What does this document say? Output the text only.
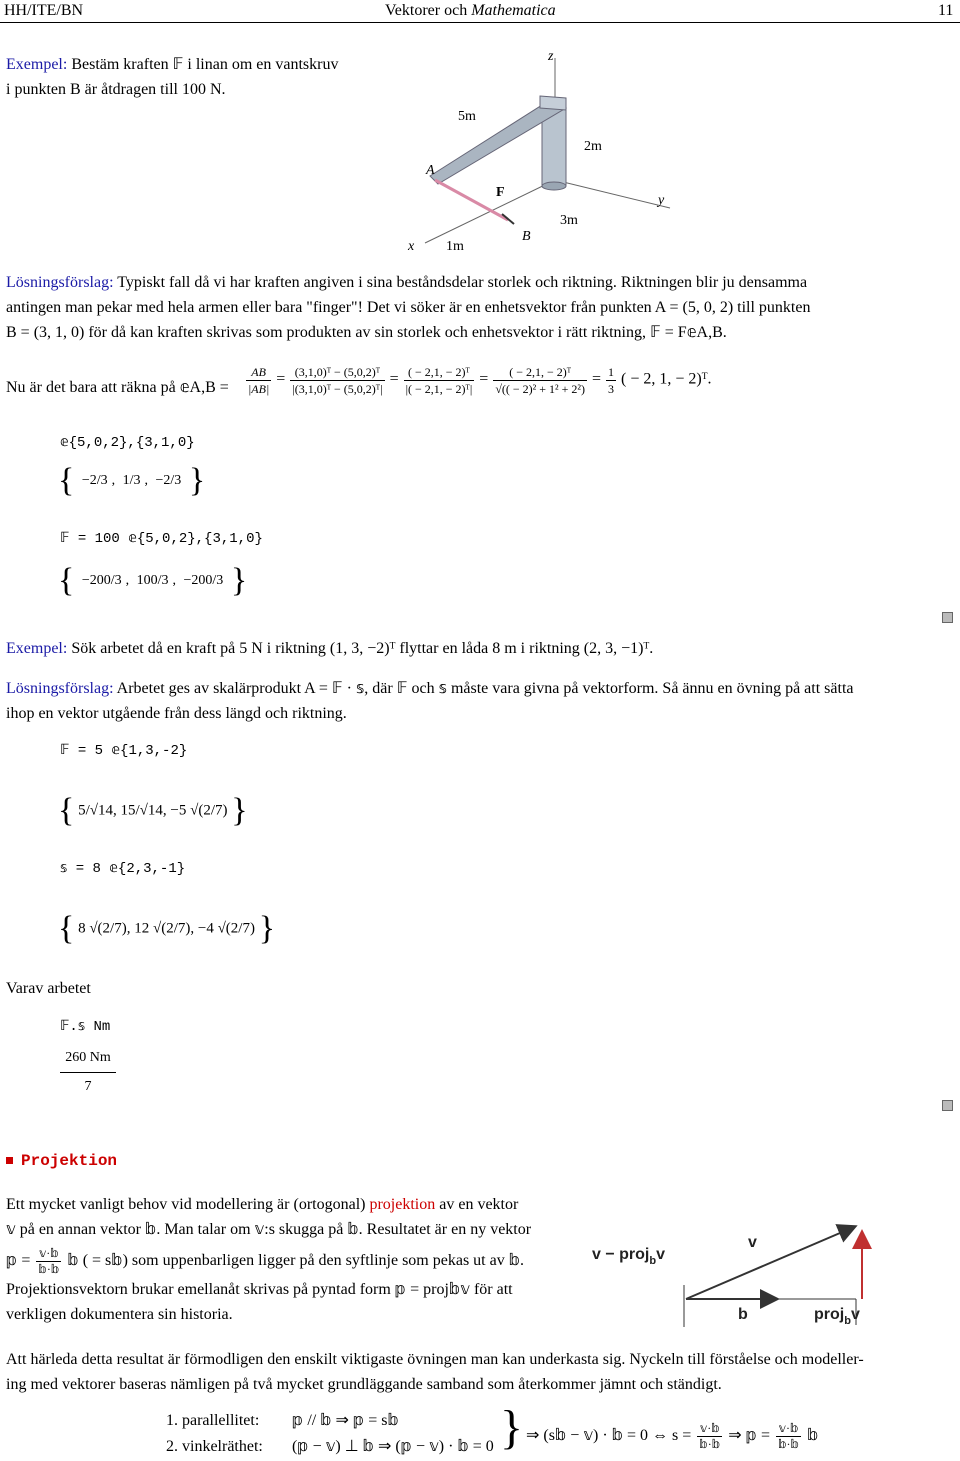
HH/ITE/BN	Vektorer och Mathematica	11
Exempel: Bestäm kraften 𝔽 i linan om en vantskruv
i punkten B är åtdragen till 100 N.
z
5m
2m
A
F
y
3m
x 1m
B
Lösningsförslag: Typiskt fall då vi har kraften angiven i sina beståndsdelar storlek och riktning. Riktningen blir ju densamma
antingen man pekar med hela armen eller bara "finger"! Det vi söker är en enhetsvektor från punkten A = (5, 0, 2) till punkten
B = (3, 1, 0) för då kan kraften skrivas som produkten av sin storlek och enhetsvektor i rätt riktning, 𝔽 = F𝕖A,B.
Nu är det bara att räkna på 𝕖A,B = $\frac{AB}{|AB|} = \frac{\text{(3,1,0)ᵀ − (5,0,2)ᵀ}}{\text{|(3,1,0)ᵀ − (5,0,2)ᵀ|}} = \frac{\text{( − 2,1, − 2)ᵀ}}{\text{|( − 2,1, − 2)ᵀ|}} = \frac{\text{( − 2,1, − 2)ᵀ}}{\text{√(( − 2)² + 1² + 2²)}} = \frac{1}{3}$ ( − 2, 1, − 2)ᵀ.
𝕖{5,0,2},{3,1,0}
{ −2/3 , 1/3 , −2/3 }
𝔽 = 100 𝕖{5,0,2},{3,1,0}
{ −200/3 , 100/3 , −200/3 }
Exempel: Sök arbetet då en kraft på 5 N i riktning (1, 3, −2)ᵀ flyttar en låda 8 m i riktning (2, 3, −1)ᵀ.
Lösningsförslag: Arbetet ges av skalärprodukt A = 𝔽 · 𝕤, där 𝔽 och 𝕤 måste vara givna på vektorform. Så ännu en övning på att sätta
ihop en vektor utgående från dess längd och riktning.
𝔽 = 5 𝕖{1,3,-2}
{ 5/√14, 15/√14, −5 √(2/7) }
𝕤 = 8 𝕖{2,3,-1}
{ 8 √(2/7), 12 √(2/7), −4 √(2/7) }
Varav arbetet
𝔽.𝕤 Nm
260 Nm
7
Projektion
Ett mycket vanligt behov vid modellering är (ortogonal) projektion av en vektor
𝕧 på en annan vektor 𝕓. Man talar om 𝕧:s skugga på 𝕓. Resultatet är en ny vektor
𝕡 = $\frac{\text{𝕧·𝕓}}{\text{𝕓·𝕓}}$ 𝕓 ( = s𝕓) som uppenbarligen ligger på den syftlinje som pekas ut av 𝕓.
Projektionsvektorn brukar emellanåt skrivas på pyntad form 𝕡 = proj𝕓𝕧 för att
verkligen dokumentera sin historia.
v − proj$_b$v
v
b	proj$_b$v
Att härleda detta resultat är förmodligen den enskilt viktigaste övningen man kan underkasta sig. Nyckeln till förståelse och modeller-
ing med vektorer baseras nämligen på två mycket grundläggande samband som återkommer jämnt och ständigt.
1. parallellitet: 𝕡 // 𝕓 ⇒ 𝕡 = s𝕓
2. vinkelräthet: (𝕡 − 𝕧) ⊥ 𝕓 ⇒ (𝕡 − 𝕧) · 𝕓 = 0 } ⇒ (s𝕓 − 𝕧) · 𝕓 = 0 ⇔ $s = \frac{\text{𝕧·𝕓}}{\text{𝕓·𝕓}}$ ⇒ 𝕡 = $\frac{\text{𝕧·𝕓}}{\text{𝕓·𝕓}}$ 𝕓
